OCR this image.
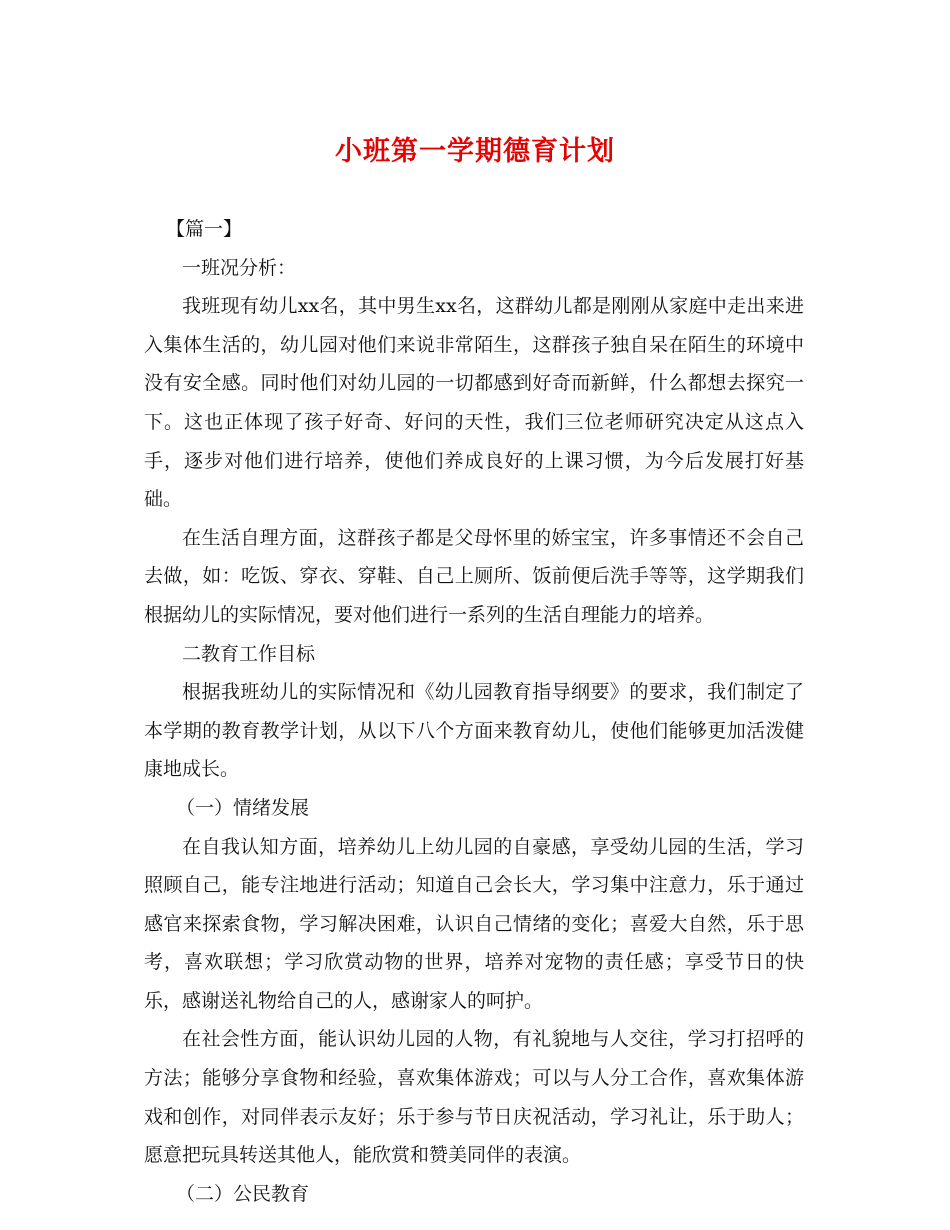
小班第一学期德育计划

【篇一】

一班况分析：

我班现有幼儿xx名，其中男生xx名，这群幼儿都是刚刚从家庭中走出来进入集体生活的，幼儿园对他们来说非常陌生，这群孩子独自呆在陌生的环境中没有安全感。同时他们对幼儿园的一切都感到好奇而新鲜，什么都想去探究一下。这也正体现了孩子好奇、好问的天性，我们三位老师研究决定从这点入手，逐步对他们进行培养，使他们养成良好的上课习惯，为今后发展打好基础。

在生活自理方面，这群孩子都是父母怀里的娇宝宝，许多事情还不会自己去做，如：吃饭、穿衣、穿鞋、自己上厕所、饭前便后洗手等等，这学期我们根据幼儿的实际情况，要对他们进行一系列的生活自理能力的培养。

二教育工作目标

根据我班幼儿的实际情况和《幼儿园教育指导纲要》的要求，我们制定了本学期的教育教学计划，从以下八个方面来教育幼儿，使他们能够更加活泼健康地成长。

（一）情绪发展

在自我认知方面，培养幼儿上幼儿园的自豪感，享受幼儿园的生活，学习照顾自己，能专注地进行活动；知道自己会长大，学习集中注意力，乐于通过感官来探索食物，学习解决困难，认识自己情绪的变化；喜爱大自然，乐于思考，喜欢联想；学习欣赏动物的世界，培养对宠物的责任感；享受节日的快乐，感谢送礼物给自己的人，感谢家人的呵护。

在社会性方面，能认识幼儿园的人物，有礼貌地与人交往，学习打招呼的方法；能够分享食物和经验，喜欢集体游戏；可以与人分工合作，喜欢集体游戏和创作，对同伴表示友好；乐于参与节日庆祝活动，学习礼让，乐于助人；愿意把玩具转送其他人，能欣赏和赞美同伴的表演。

（二）公民教育
